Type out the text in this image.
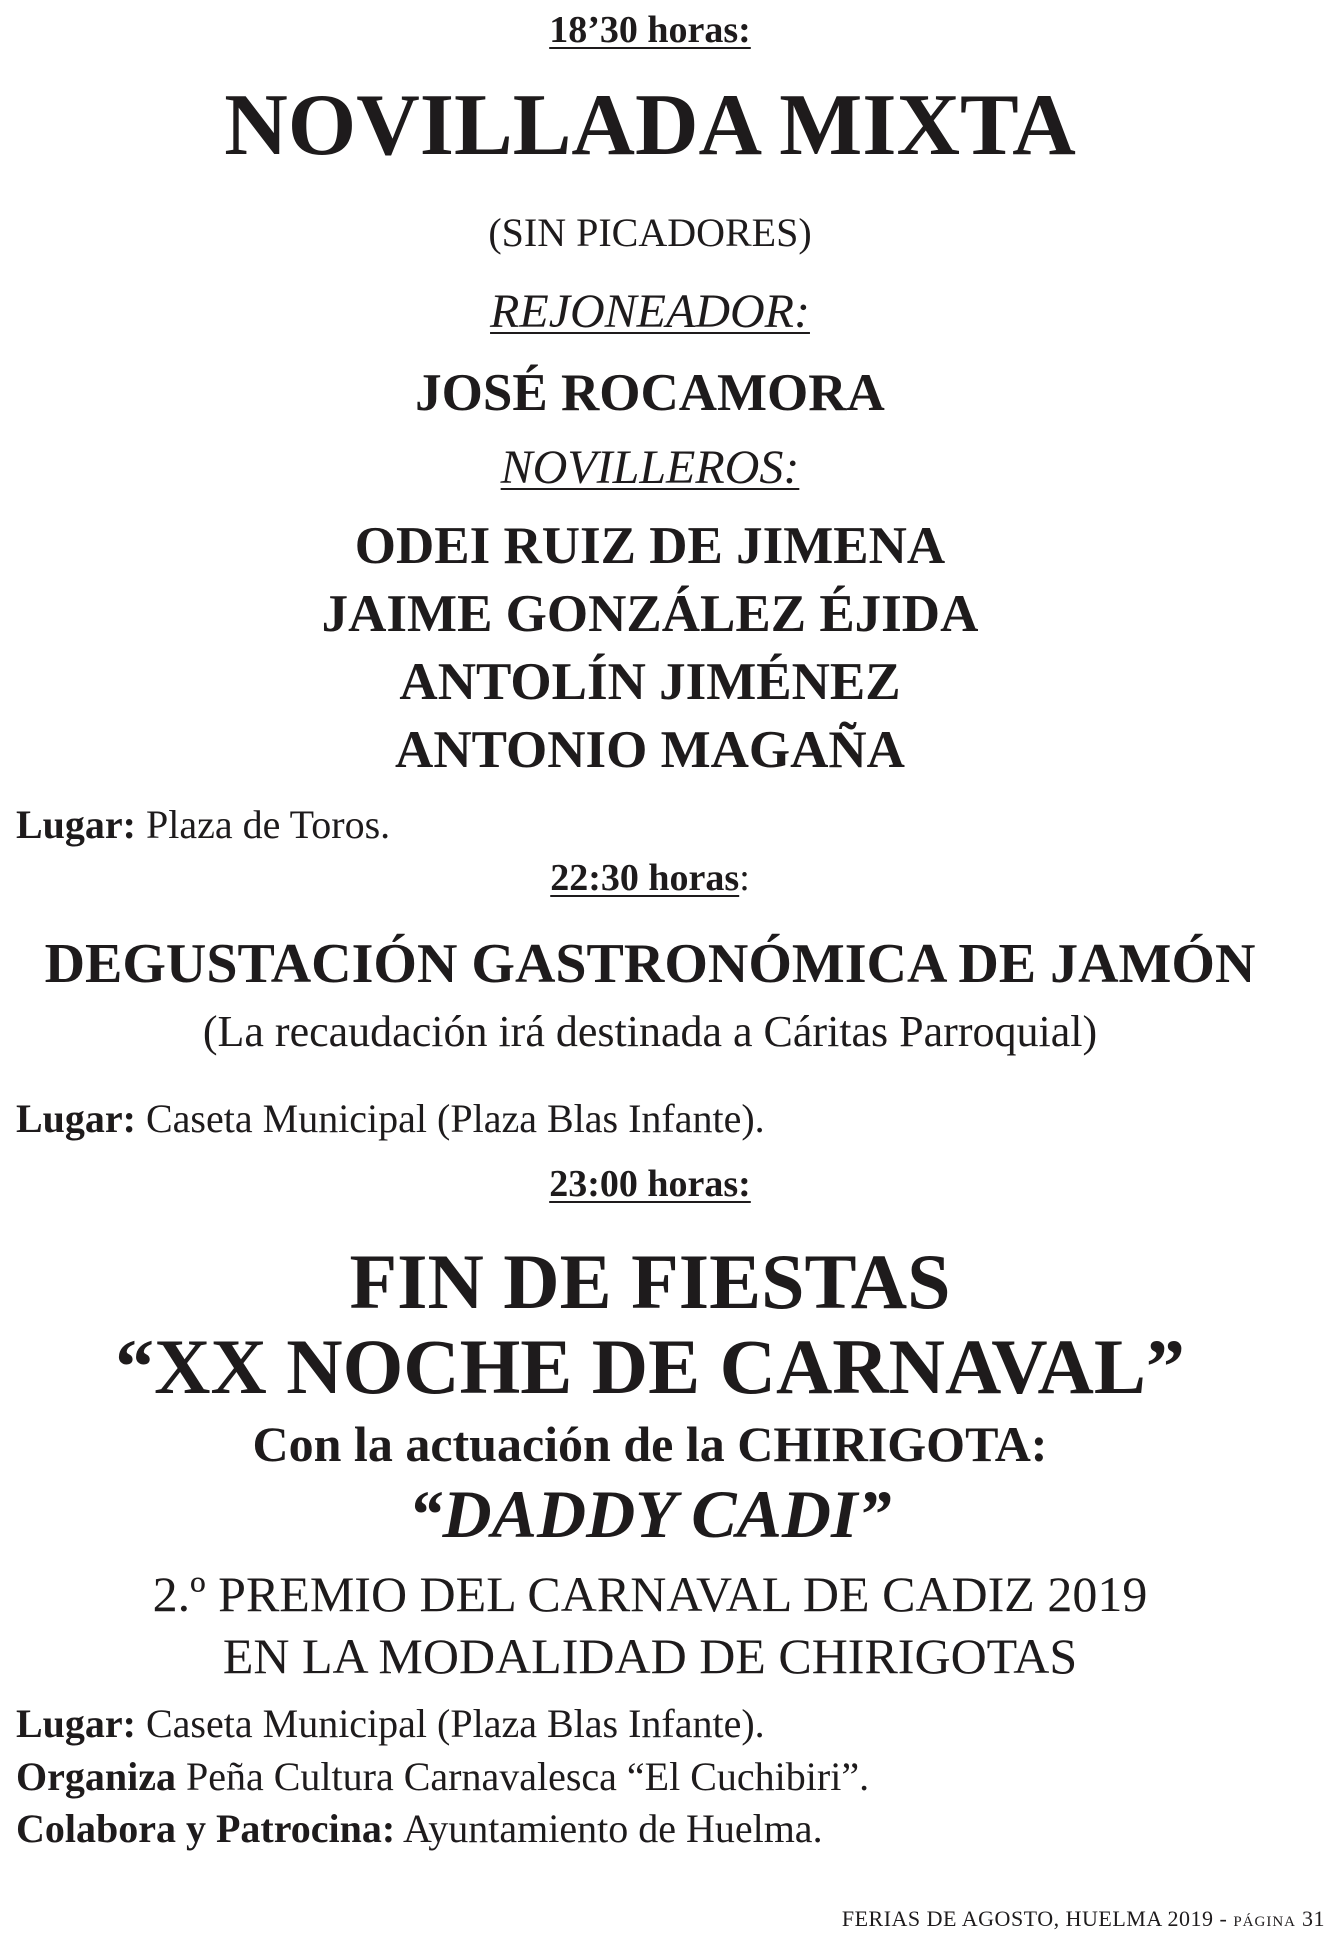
18’30 horas:
NOVILLADA MIXTA
(SIN PICADORES)
REJONEADOR:
JOSÉ ROCAMORA
NOVILLEROS:
ODEI RUIZ DE JIMENA
JAIME GONZÁLEZ ÉJIDA
ANTOLÍN JIMÉNEZ
ANTONIO MAGAÑA
Lugar: Plaza de Toros.
22:30 horas:
DEGUSTACIÓN GASTRONÓMICA DE JAMÓN
(La recaudación irá destinada a Cáritas Parroquial)
Lugar: Caseta Municipal (Plaza Blas Infante).
23:00 horas:
FIN DE FIESTAS
“XX NOCHE DE CARNAVAL”
Con la actuación de la CHIRIGOTA:
“DADDY CADI”
2.º PREMIO DEL CARNAVAL DE CADIZ 2019
EN LA MODALIDAD DE CHIRIGOTAS
Lugar: Caseta Municipal (Plaza Blas Infante).
Organiza Peña Cultura Carnavalesca “El Cuchibiri”.
Colabora y Patrocina: Ayuntamiento de Huelma.
FERIAS DE AGOSTO, HUELMA 2019 - PÁGINA 31
